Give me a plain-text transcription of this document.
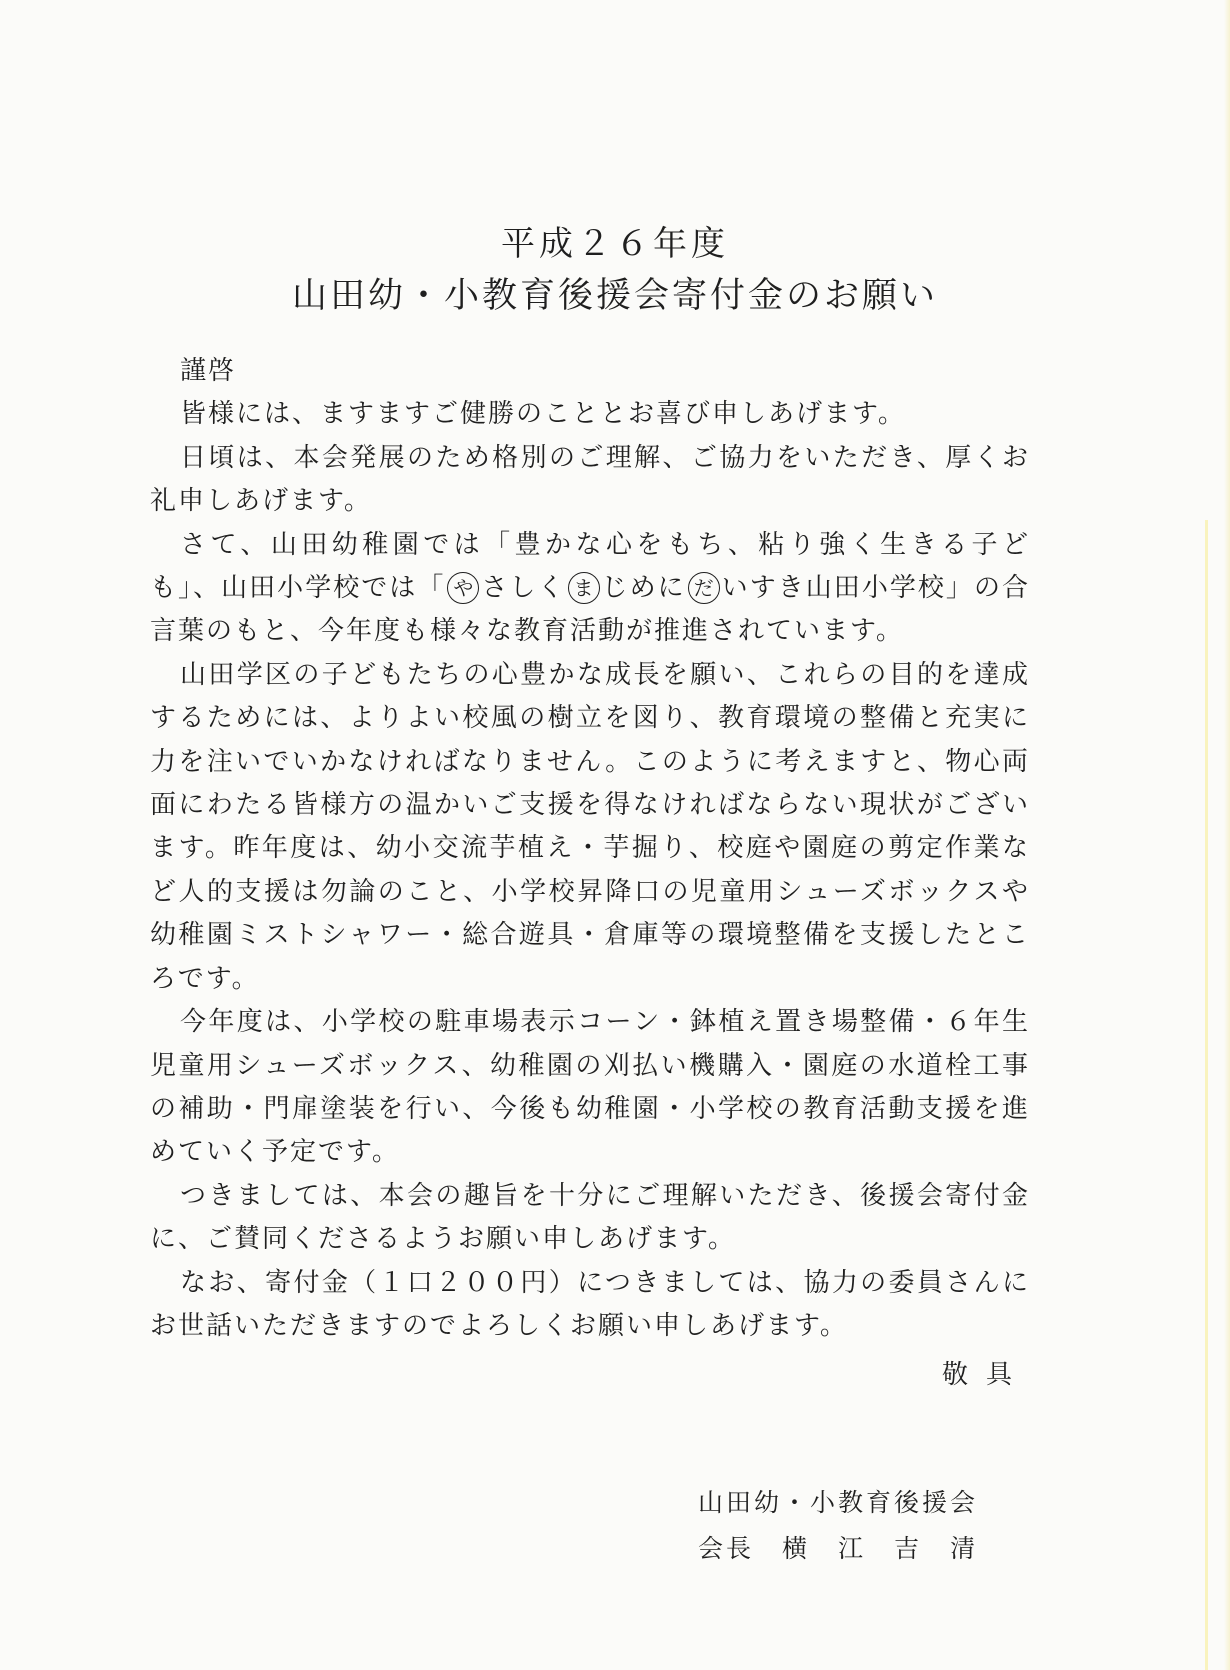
平成２６年度
山田幼・小教育後援会寄付金のお願い

謹啓

皆様には、ますますご健勝のこととお喜び申しあげます。

日頃は、本会発展のため格別のご理解、ご協力をいただき、厚くお礼申しあげます。

さて、山田幼稚園では「豊かな心をもち、粘り強く生きる子ども」、山田小学校では「 や さしく ま じめに だ いすき山田小学校」の合言葉のもと、今年度も様々な教育活動が推進されています。

山田学区の子どもたちの心豊かな成長を願い、これらの目的を達成するためには、よりよい校風の樹立を図り、教育環境の整備と充実に力を注いでいかなければなりません。このように考えますと、物心両面にわたる皆様方の温かいご支援を得なければならない現状がございます。昨年度は、幼小交流芋植え・芋掘り、校庭や園庭の剪定作業など人的支援は勿論のこと、小学校昇降口の児童用シューズボックスや幼稚園ミストシャワー・総合遊具・倉庫等の環境整備を支援したところです。

今年度は、小学校の駐車場表示コーン・鉢植え置き場整備・６年生児童用シューズボックス、幼稚園の刈払い機購入・園庭の水道栓工事の補助・門扉塗装を行い、今後も幼稚園・小学校の教育活動支援を進めていく予定です。

つきましては、本会の趣旨を十分にご理解いただき、後援会寄付金に、ご賛同くださるようお願い申しあげます。

なお、寄付金（１口２００円）につきましては、協力の委員さんにお世話いただきますのでよろしくお願い申しあげます。

敬具
山田幼・小教育後援会
会長 横 江 吉 清
